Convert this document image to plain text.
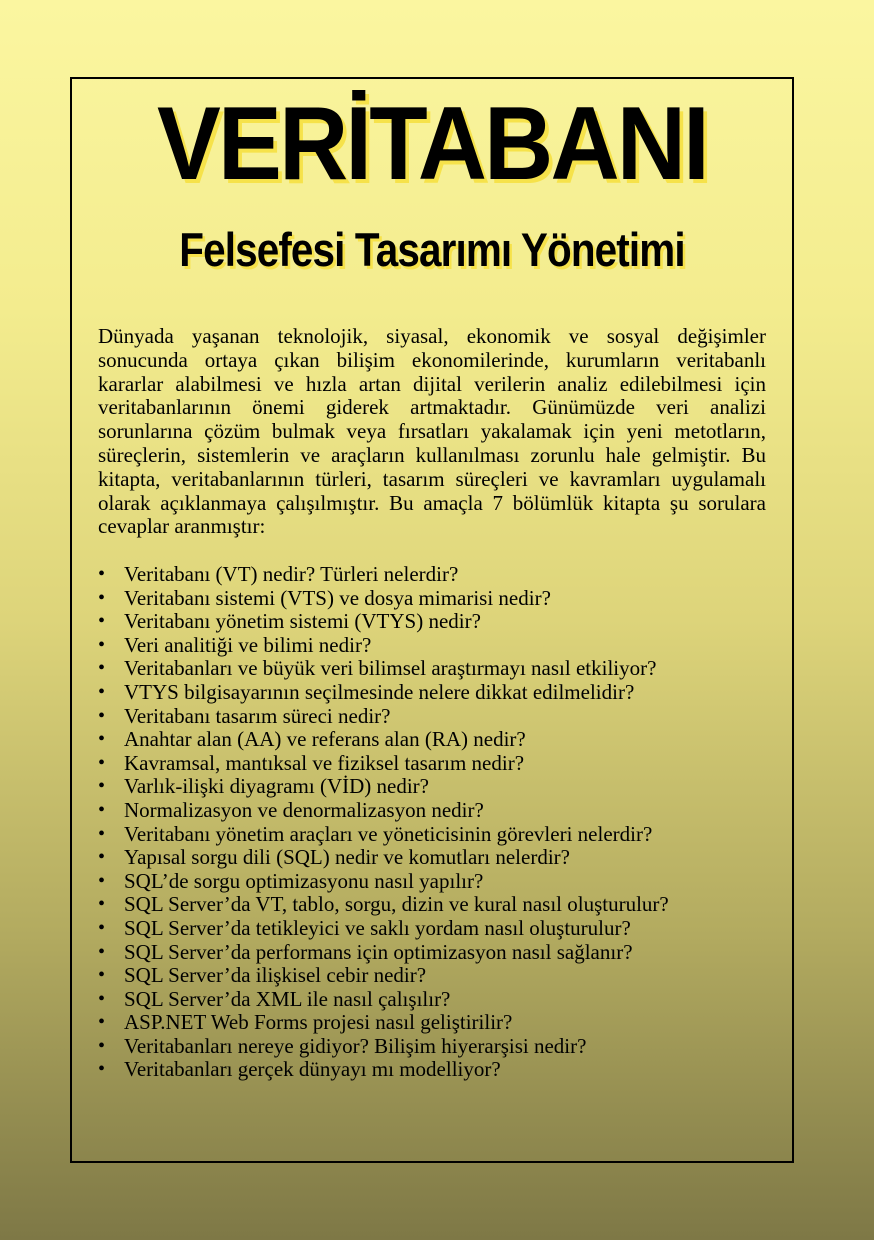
VERİTABANI
Felsefesi Tasarımı Yönetimi

Dünyada yaşanan teknolojik, siyasal, ekonomik ve sosyal değişimler sonucunda ortaya çıkan bilişim ekonomilerinde, kurumların veritabanlı kararlar alabilmesi ve hızla artan dijital verilerin analiz edilebilmesi için veritabanlarının önemi giderek artmaktadır. Günümüzde veri analizi sorunlarına çözüm bulmak veya fırsatları yakalamak için yeni metotların, süreçlerin, sistemlerin ve araçların kullanılması zorunlu hale gelmiştir. Bu kitapta, veritabanlarının türleri, tasarım süreçleri ve kavramları uygulamalı olarak açıklanmaya çalışılmıştır. Bu amaçla 7 bölümlük kitapta şu sorulara cevaplar aranmıştır:

• Veritabanı (VT) nedir? Türleri nelerdir?
• Veritabanı sistemi (VTS) ve dosya mimarisi nedir?
• Veritabanı yönetim sistemi (VTYS) nedir?
• Veri analitiği ve bilimi nedir?
• Veritabanları ve büyük veri bilimsel araştırmayı nasıl etkiliyor?
• VTYS bilgisayarının seçilmesinde nelere dikkat edilmelidir?
• Veritabanı tasarım süreci nedir?
• Anahtar alan (AA) ve referans alan (RA) nedir?
• Kavramsal, mantıksal ve fiziksel tasarım nedir?
• Varlık-ilişki diyagramı (VİD) nedir?
• Normalizasyon ve denormalizasyon nedir?
• Veritabanı yönetim araçları ve yöneticisinin görevleri nelerdir?
• Yapısal sorgu dili (SQL) nedir ve komutları nelerdir?
• SQL’de sorgu optimizasyonu nasıl yapılır?
• SQL Server’da VT, tablo, sorgu, dizin ve kural nasıl oluşturulur?
• SQL Server’da tetikleyici ve saklı yordam nasıl oluşturulur?
• SQL Server’da performans için optimizasyon nasıl sağlanır?
• SQL Server’da ilişkisel cebir nedir?
• SQL Server’da XML ile nasıl çalışılır?
• ASP.NET Web Forms projesi nasıl geliştirilir?
• Veritabanları nereye gidiyor? Bilişim hiyerarşisi nedir?
• Veritabanları gerçek dünyayı mı modelliyor?
